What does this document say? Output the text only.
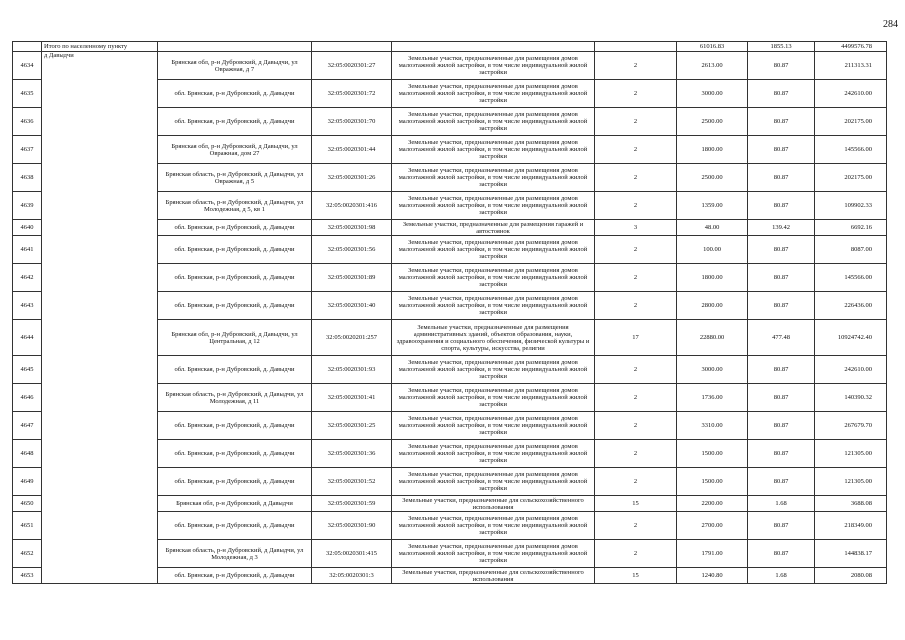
284
	Итого по населенному пункту					61016.83	1855.13	4499576.78
4634	д Давыдчи	Брянская обл, р-н Дубровский, д Давыдчи, ул Овражная, д 7	32:05:0020301:27	Земельные участки, предназначенные для размещения домов малоэтажной жилой застройки, в том числе индивидуальной жилой застройки	2	2613.00	80.87	211313.31
4635		обл. Брянская, р-н Дубровский, д. Давыдчи	32:05:0020301:72	Земельные участки, предназначенные для размещения домов малоэтажной жилой застройки, в том числе индивидуальной жилой застройки	2	3000.00	80.87	242610.00
4636		обл. Брянская, р-н Дубровский, д. Давыдчи	32:05:0020301:70	Земельные участки, предназначенные для размещения домов малоэтажной жилой застройки, в том числе индивидуальной жилой застройки	2	2500.00	80.87	202175.00
4637		Брянская обл, р-н Дубровский, д Давыдчи, ул Овражная, дом 27	32:05:0020301:44	Земельные участки, предназначенные для размещения домов малоэтажной жилой застройки, в том числе индивидуальной жилой застройки	2	1800.00	80.87	145566.00
4638		Брянская область, р-н Дубровский, д Давыдчи, ул Овражная, д 5	32:05:0020301:26	Земельные участки, предназначенные для размещения домов малоэтажной жилой застройки, в том числе индивидуальной жилой застройки	2	2500.00	80.87	202175.00
4639		Брянская область, р-н Дубровский, д Давыдчи, ул Молодежная, д 5, кв 1	32:05:0020301:416	Земельные участки, предназначенные для размещения домов малоэтажной жилой застройки, в том числе индивидуальной жилой застройки	2	1359.00	80.87	109902.33
4640		обл. Брянская, р-н Дубровский, д. Давыдчи	32:05:0020301:98	Земельные участки, предназначенные для размещения гаражей и автостоянок	3	48.00	139.42	6692.16
4641		обл. Брянская, р-н Дубровский, д. Давыдчи	32:05:0020301:56	Земельные участки, предназначенные для размещения домов малоэтажной жилой застройки, в том числе индивидуальной жилой застройки	2	100.00	80.87	8087.00
4642		обл. Брянская, р-н Дубровский, д. Давыдчи	32:05:0020301:89	Земельные участки, предназначенные для размещения домов малоэтажной жилой застройки, в том числе индивидуальной жилой застройки	2	1800.00	80.87	145566.00
4643		обл. Брянская, р-н Дубровский, д. Давыдчи	32:05:0020301:40	Земельные участки, предназначенные для размещения домов малоэтажной жилой застройки, в том числе индивидуальной жилой застройки	2	2800.00	80.87	226436.00
4644		Брянская обл, р-н Дубровский, д Давыдчи, ул Центральная, д 12	32:05:0020201:257	Земельные участки, предназначенные для размещения административных зданий, объектов образования, науки, здравоохранения и социального обеспечения, физической культуры и спорта, культуры, искусства, религии	17	22880.00	477.48	10924742.40
4645		обл. Брянская, р-н Дубровский, д. Давыдчи	32:05:0020301:93	Земельные участки, предназначенные для размещения домов малоэтажной жилой застройки, в том числе индивидуальной жилой застройки	2	3000.00	80.87	242610.00
4646		Брянская область, р-н Дубровский, д Давыдчи, ул Молодежная, д 11	32:05:0020301:41	Земельные участки, предназначенные для размещения домов малоэтажной жилой застройки, в том числе индивидуальной жилой застройки	2	1736.00	80.87	140390.32
4647		обл. Брянская, р-н Дубровский, д. Давыдчи	32:05:0020301:25	Земельные участки, предназначенные для размещения домов малоэтажной жилой застройки, в том числе индивидуальной жилой застройки	2	3310.00	80.87	267679.70
4648		обл. Брянская, р-н Дубровский, д. Давыдчи	32:05:0020301:36	Земельные участки, предназначенные для размещения домов малоэтажной жилой застройки, в том числе индивидуальной жилой застройки	2	1500.00	80.87	121305.00
4649		обл. Брянская, р-н Дубровский, д. Давыдчи	32:05:0020301:52	Земельные участки, предназначенные для размещения домов малоэтажной жилой застройки, в том числе индивидуальной жилой застройки	2	1500.00	80.87	121305.00
4650		Брянская обл, р-н Дубровский, д Давыдчи	32:05:0020301:59	Земельные участки, предназначенные для сельскохозяйственного использования	15	2200.00	1.68	3688.08
4651		обл. Брянская, р-н Дубровский, д. Давыдчи	32:05:0020301:90	Земельные участки, предназначенные для размещения домов малоэтажной жилой застройки, в том числе индивидуальной жилой застройки	2	2700.00	80.87	218349.00
4652		Брянская область, р-н Дубровский, д Давыдчи, ул Молодежная, д 3	32:05:0020301:415	Земельные участки, предназначенные для размещения домов малоэтажной жилой застройки, в том числе индивидуальной жилой застройки	2	1791.00	80.87	144838.17
4653		обл. Брянская, р-н Дубровский, д. Давыдчи	32:05:0020301:3	Земельные участки, предназначенные для сельскохозяйственного использования	15	1240.80	1.68	2080.08
